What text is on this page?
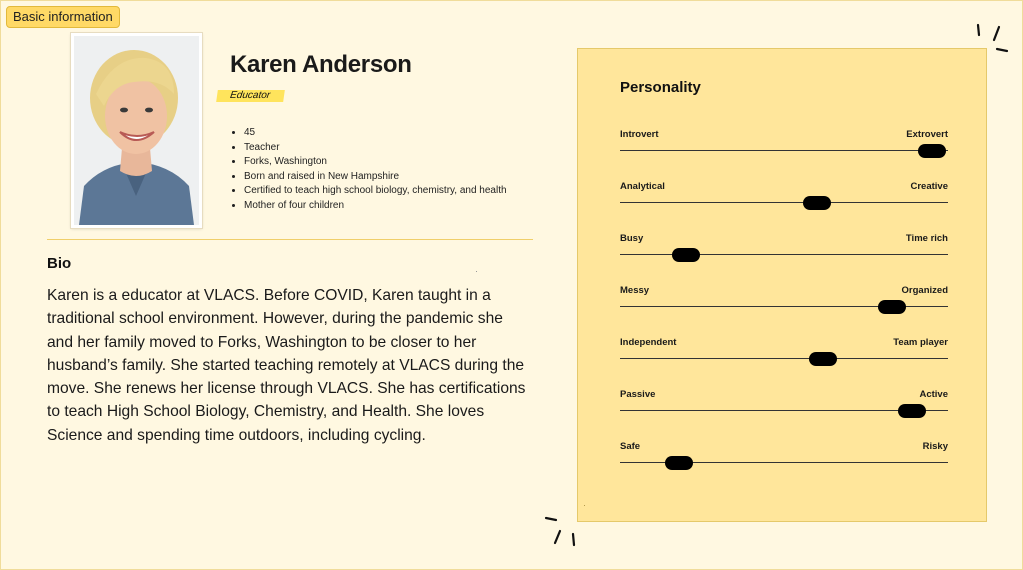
Basic information
Karen Anderson
Educator
• 45
• Teacher
• Forks, Washington
• Born and raised in New Hampshire
• Certified to teach high school biology, chemistry, and health
• Mother of four children
Bio
Karen is a educator at VLACS. Before COVID, Karen taught in a traditional school environment. However, during the pandemic she and her family moved to Forks, Washington to be closer to her husband’s family. She started teaching remotely at VLACS during the move. She renews her license through VLACS. She has certifications to teach High School Biology, Chemistry, and Health. She loves Science and spending time outdoors, including cycling.
Personality
Introvert	Extrovert
Analytical	Creative
Busy	Time rich
Messy	Organized
Independent	Team player
Passive	Active
Safe	Risky
